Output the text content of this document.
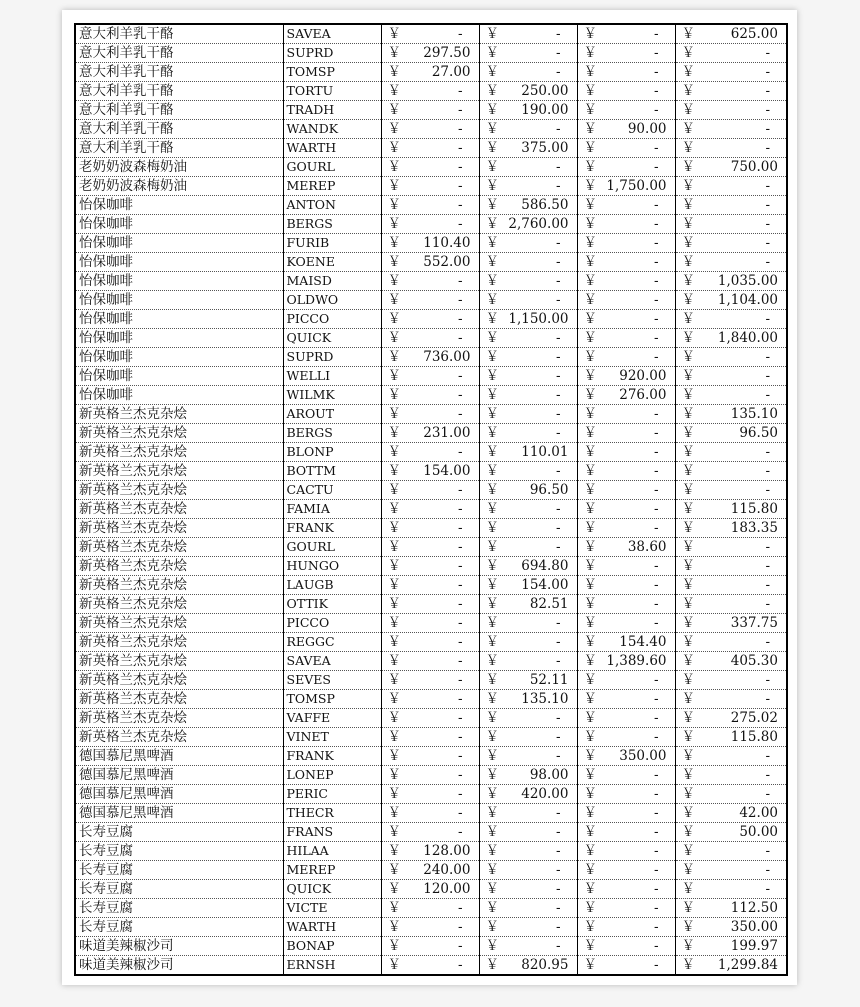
意大利羊乳干酪	SAVEA	￥ -	￥ -	￥ -	￥ 625.00

意大利羊乳干酪	SUPRD	￥ 297.50	￥ -	￥ -	￥ -

意大利羊乳干酪	TOMSP	￥ 27.00	￥ -	￥ -	￥ -

意大利羊乳干酪	TORTU	￥ -	￥ 250.00	￥ -	￥ -

意大利羊乳干酪	TRADH	￥ -	￥ 190.00	￥ -	￥ -

意大利羊乳干酪	WANDK	￥ -	￥ -	￥ 90.00	￥ -

意大利羊乳干酪	WARTH	￥ -	￥ 375.00	￥ -	￥ -

老奶奶波森梅奶油	GOURL	￥ -	￥ -	￥ -	￥ 750.00

老奶奶波森梅奶油	MEREP	￥ -	￥ -	￥ 1,750.00	￥ -

怡保咖啡	ANTON	￥ -	￥ 586.50	￥ -	￥ -

怡保咖啡	BERGS	￥ -	￥ 2,760.00	￥ -	￥ -

怡保咖啡	FURIB	￥ 110.40	￥ -	￥ -	￥ -

怡保咖啡	KOENE	￥ 552.00	￥ -	￥ -	￥ -

怡保咖啡	MAISD	￥ -	￥ -	￥ -	￥ 1,035.00

怡保咖啡	OLDWO	￥ -	￥ -	￥ -	￥ 1,104.00

怡保咖啡	PICCO	￥ -	￥ 1,150.00	￥ -	￥ -

怡保咖啡	QUICK	￥ -	￥ -	￥ -	￥ 1,840.00

怡保咖啡	SUPRD	￥ 736.00	￥ -	￥ -	￥ -

怡保咖啡	WELLI	￥ -	￥ -	￥ 920.00	￥ -

怡保咖啡	WILMK	￥ -	￥ -	￥ 276.00	￥ -

新英格兰杰克杂烩	AROUT	￥ -	￥ -	￥ -	￥ 135.10

新英格兰杰克杂烩	BERGS	￥ 231.00	￥ -	￥ -	￥ 96.50

新英格兰杰克杂烩	BLONP	￥ -	￥ 110.01	￥ -	￥ -

新英格兰杰克杂烩	BOTTM	￥ 154.00	￥ -	￥ -	￥ -

新英格兰杰克杂烩	CACTU	￥ -	￥ 96.50	￥ -	￥ -

新英格兰杰克杂烩	FAMIA	￥ -	￥ -	￥ -	￥ 115.80

新英格兰杰克杂烩	FRANK	￥ -	￥ -	￥ -	￥ 183.35

新英格兰杰克杂烩	GOURL	￥ -	￥ -	￥ 38.60	￥ -

新英格兰杰克杂烩	HUNGO	￥ -	￥ 694.80	￥ -	￥ -

新英格兰杰克杂烩	LAUGB	￥ -	￥ 154.00	￥ -	￥ -

新英格兰杰克杂烩	OTTIK	￥ -	￥ 82.51	￥ -	￥ -

新英格兰杰克杂烩	PICCO	￥ -	￥ -	￥ -	￥ 337.75

新英格兰杰克杂烩	REGGC	￥ -	￥ -	￥ 154.40	￥ -

新英格兰杰克杂烩	SAVEA	￥ -	￥ -	￥ 1,389.60	￥ 405.30

新英格兰杰克杂烩	SEVES	￥ -	￥ 52.11	￥ -	￥ -

新英格兰杰克杂烩	TOMSP	￥ -	￥ 135.10	￥ -	￥ -

新英格兰杰克杂烩	VAFFE	￥ -	￥ -	￥ -	￥ 275.02

新英格兰杰克杂烩	VINET	￥ -	￥ -	￥ -	￥ 115.80

德国慕尼黑啤酒	FRANK	￥ -	￥ -	￥ 350.00	￥ -

德国慕尼黑啤酒	LONEP	￥ -	￥ 98.00	￥ -	￥ -

德国慕尼黑啤酒	PERIC	￥ -	￥ 420.00	￥ -	￥ -

德国慕尼黑啤酒	THECR	￥ -	￥ -	￥ -	￥ 42.00

长寿豆腐	FRANS	￥ -	￥ -	￥ -	￥ 50.00

长寿豆腐	HILAA	￥ 128.00	￥ -	￥ -	￥ -

长寿豆腐	MEREP	￥ 240.00	￥ -	￥ -	￥ -

长寿豆腐	QUICK	￥ 120.00	￥ -	￥ -	￥ -

长寿豆腐	VICTE	￥ -	￥ -	￥ -	￥ 112.50

长寿豆腐	WARTH	￥ -	￥ -	￥ -	￥ 350.00

味道美辣椒沙司	BONAP	￥ -	￥ -	￥ -	￥ 199.97

味道美辣椒沙司	ERNSH	￥ -	￥ 820.95	￥ -	￥ 1,299.84
